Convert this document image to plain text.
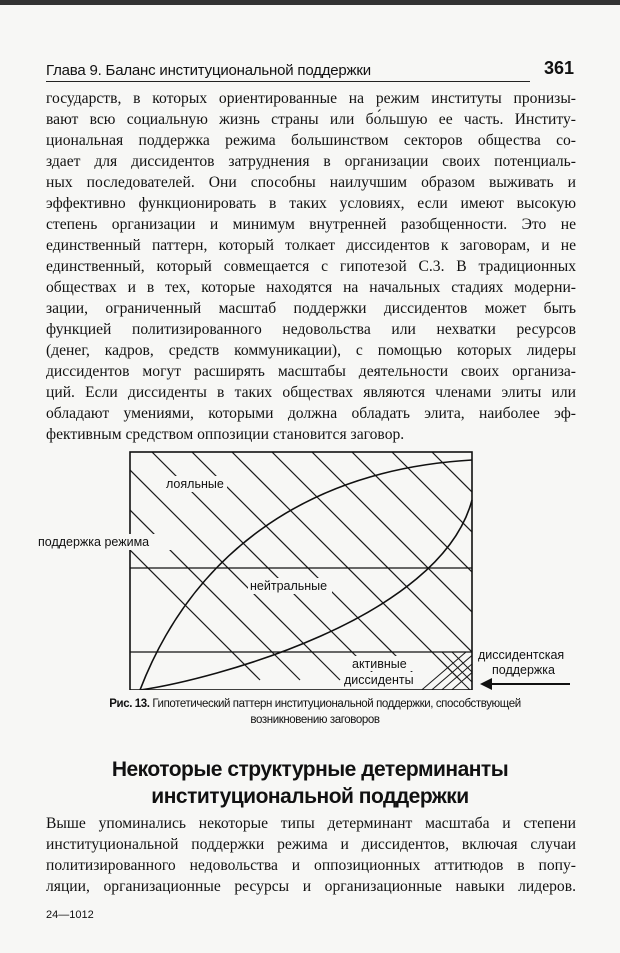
Глава 9. Баланс институциональной поддержки	361
государств, в которых ориентированные на режим институты пронизы-
вают всю социальную жизнь страны или бо́льшую ее часть. Институ-
циональная поддержка режима большинством секторов общества со-
здает для диссидентов затруднения в организации своих потенциаль-
ных последователей. Они способны наилучшим образом выживать и
эффективно функционировать в таких условиях, если имеют высокую
степень организации и минимум внутренней разобщенности. Это не
единственный паттерн, который толкает диссидентов к заговорам, и не
единственный, который совмещается с гипотезой С.3. В традиционных
обществах и в тех, которые находятся на начальных стадиях модерни-
зации, ограниченный масштаб поддержки диссидентов может быть
функцией политизированного недовольства или нехватки ресурсов
(денег, кадров, средств коммуникации), с помощью которых лидеры
диссидентов могут расширять масштабы деятельности своих организа-
ций. Если диссиденты в таких обществах являются членами элиты или
обладают умениями, которыми должна обладать элита, наиболее эф-
фективным средством оппозиции становится заговор.
лояльные
поддержка режима
нейтральные
активные
диссиденты
диссидентская
поддержка
Рис. 13. Гипотетический паттерн институциональной поддержки, способствующей
возникновению заговоров
Некоторые структурные детерминанты
институциональной поддержки
Выше упоминались некоторые типы детерминант масштаба и степени
институциональной поддержки режима и диссидентов, включая случаи
политизированного недовольства и оппозиционных аттитюдов в попу-
ляции, организационные ресурсы и организационные навыки лидеров.
24—1012
